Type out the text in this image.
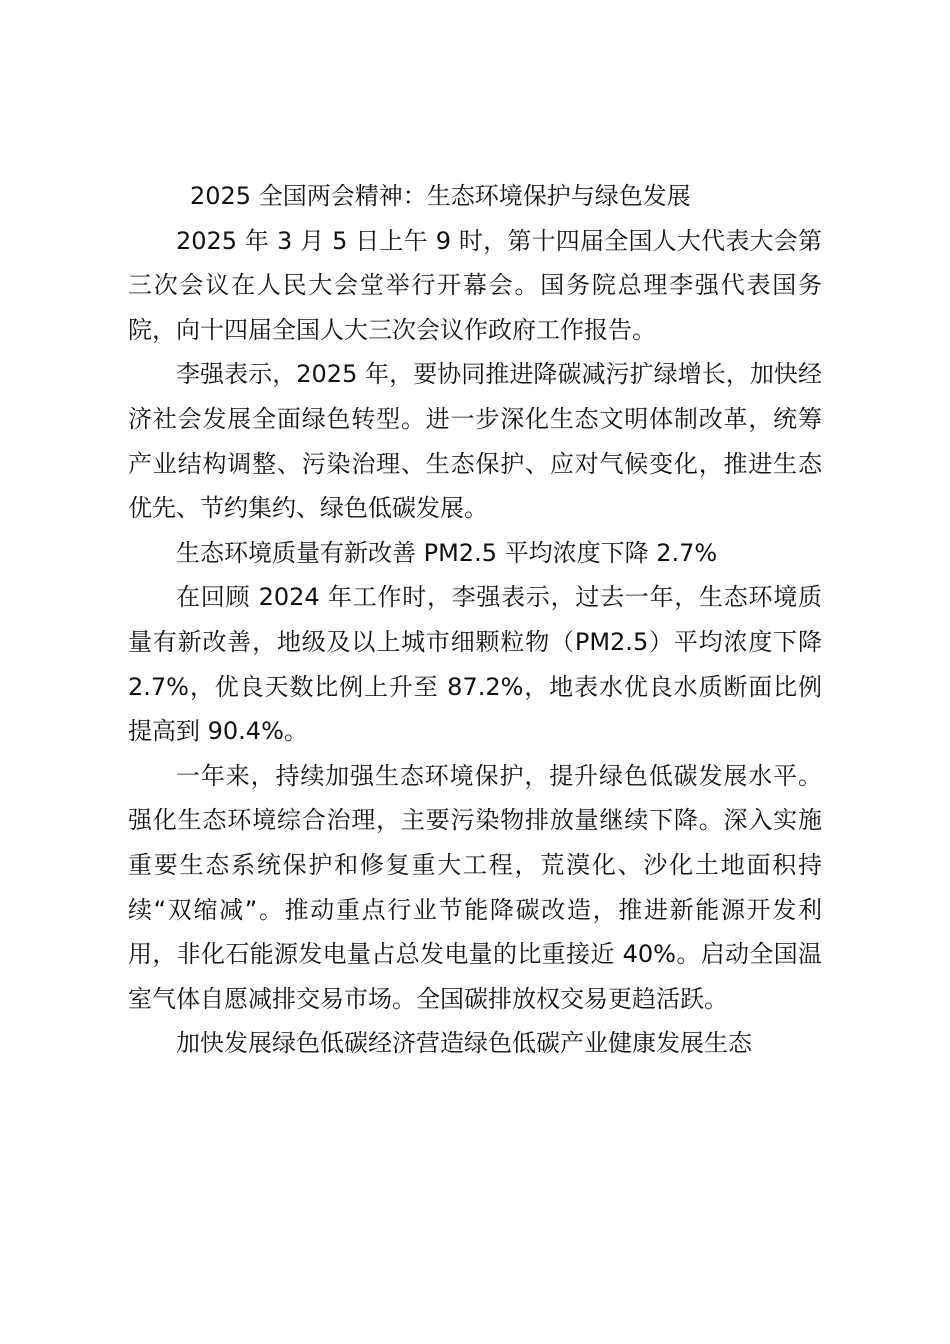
2025 全国两会精神：生态环境保护与绿色发展

2025 年 3 月 5 日上午 9 时，第十四届全国人大代表大会第三次会议在人民大会堂举行开幕会。国务院总理李强代表国务院，向十四届全国人大三次会议作政府工作报告。

李强表示，2025 年，要协同推进降碳减污扩绿增长，加快经济社会发展全面绿色转型。进一步深化生态文明体制改革，统筹产业结构调整、污染治理、生态保护、应对气候变化，推进生态优先、节约集约、绿色低碳发展。

生态环境质量有新改善 PM2.5 平均浓度下降 2.7%

在回顾 2024 年工作时，李强表示，过去一年，生态环境质量有新改善，地级及以上城市细颗粒物（PM2.5）平均浓度下降 2.7%，优良天数比例上升至 87.2%，地表水优良水质断面比例提高到 90.4%。

一年来，持续加强生态环境保护，提升绿色低碳发展水平。强化生态环境综合治理，主要污染物排放量继续下降。深入实施重要生态系统保护和修复重大工程，荒漠化、沙化土地面积持续“双缩减”。推动重点行业节能降碳改造，推进新能源开发利用，非化石能源发电量占总发电量的比重接近 40%。启动全国温室气体自愿减排交易市场。全国碳排放权交易更趋活跃。

加快发展绿色低碳经济营造绿色低碳产业健康发展生态
